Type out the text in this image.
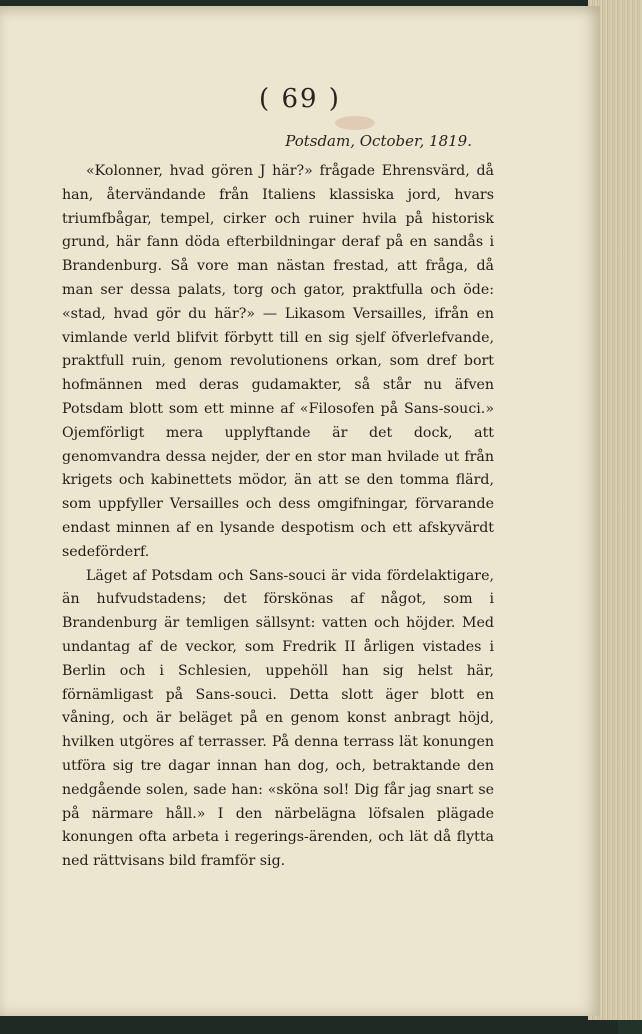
( 69 )
Potsdam, October, 1819.

«Kolonner, hvad gören J här?» frågade Ehrensvärd, då han, återvändande från Italiens klassiska jord, hvars triumfbågar, tempel, cirker och ruiner hvila på historisk grund, här fann döda efterbildningar deraf på en sandås i Brandenburg. Så vore man nästan frestad, att fråga, då man ser dessa palats, torg och gator, praktfulla och öde: «stad, hvad gör du här?» — Likasom Versailles, ifrån en vimlande verld blifvit förbytt till en sig sjelf öfverlefvande, praktfull ruin, genom revolutionens orkan, som dref bort hofmännen med deras gudamakter, så står nu äfven Potsdam blott som ett minne af «Filosofen på Sans-souci.» Ojemförligt mera upplyftande är det dock, att genomvandra dessa nejder, der en stor man hvilade ut från krigets och kabinettets mödor, än att se den tomma flärd, som uppfyller Versailles och dess omgifningar, förvarande endast minnen af en lysande despotism och ett afskyvärdt sedeförderf.

Läget af Potsdam och Sans-souci är vida fördelaktigare, än hufvudstadens; det förskönas af något, som i Brandenburg är temligen sällsynt: vatten och höjder. Med undantag af de veckor, som Fredrik II årligen vistades i Berlin och i Schlesien, uppehöll han sig helst här, förnämligast på Sans-souci. Detta slott äger blott en våning, och är beläget på en genom konst anbragt höjd, hvilken utgöres af terrasser. På denna terrass lät konungen utföra sig tre dagar innan han dog, och, betraktande den nedgående solen, sade han: «sköna sol! Dig får jag snart se på närmare håll.» I den närbelägna löfsalen plägade konungen ofta arbeta i regerings-ärenden, och lät då flytta ned rättvisans bild framför sig.
